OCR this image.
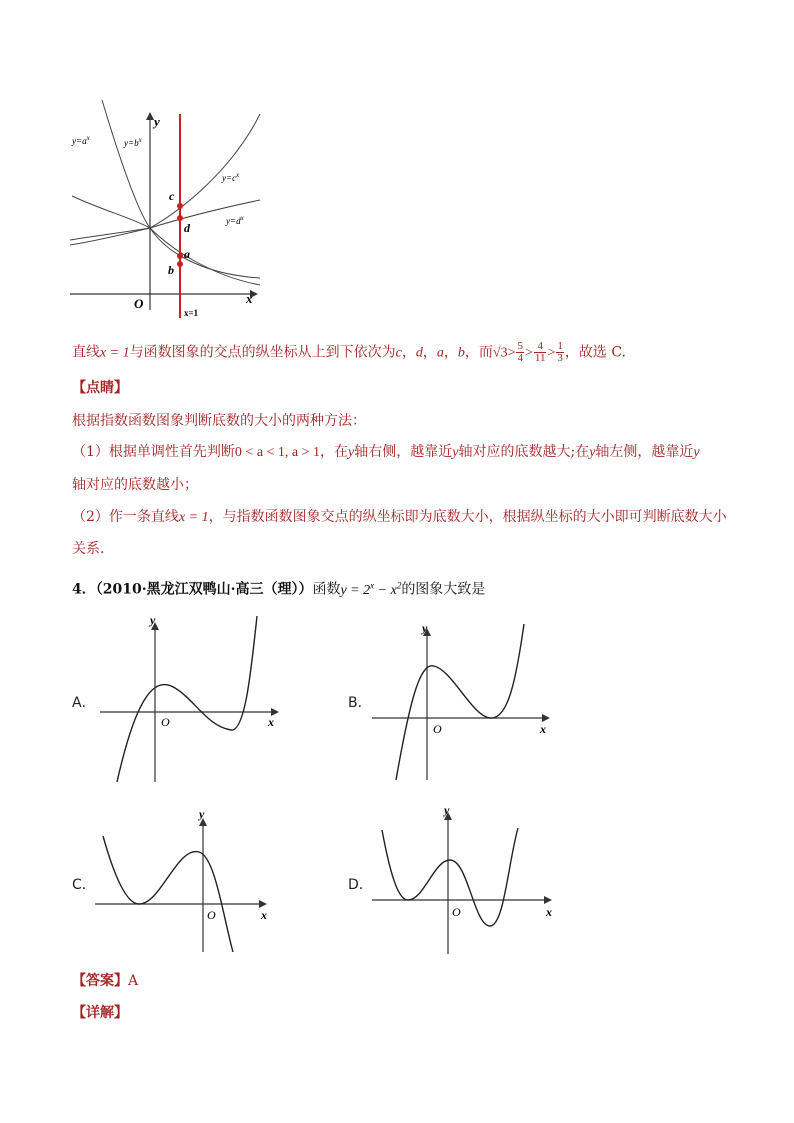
$y=a^x$	$y=b^x$
$y=c^x$
$y=d^x$
y
x
O
x=1
c
d
a
b
直线x = 1与函数图象的交点的纵坐标从上到下依次为c，d，a，b，而$√3> \frac{5}{4} > \frac{4}{11} > \frac{1}{3}$ ，故选 C.
【点睛】
根据指数函数图象判断底数的大小的两种方法：
（1）根据单调性首先判断0 < a < 1, a > 1，在y轴右侧，越靠近y轴对应的底数越大;在y轴左侧，越靠近y
轴对应的底数越小；
（2）作一条直线x = 1，与指数函数图象交点的纵坐标即为底数大小，根据纵坐标的大小即可判断底数大小
关系.
4．（2010·黑龙江双鸭山·高三（理））函数$y = 2^x - x^2$的图象大致是
A．	B．
C．	D．
y
x
O
y
x
O
y
x
O
y
x
O
【答案】A
【详解】
